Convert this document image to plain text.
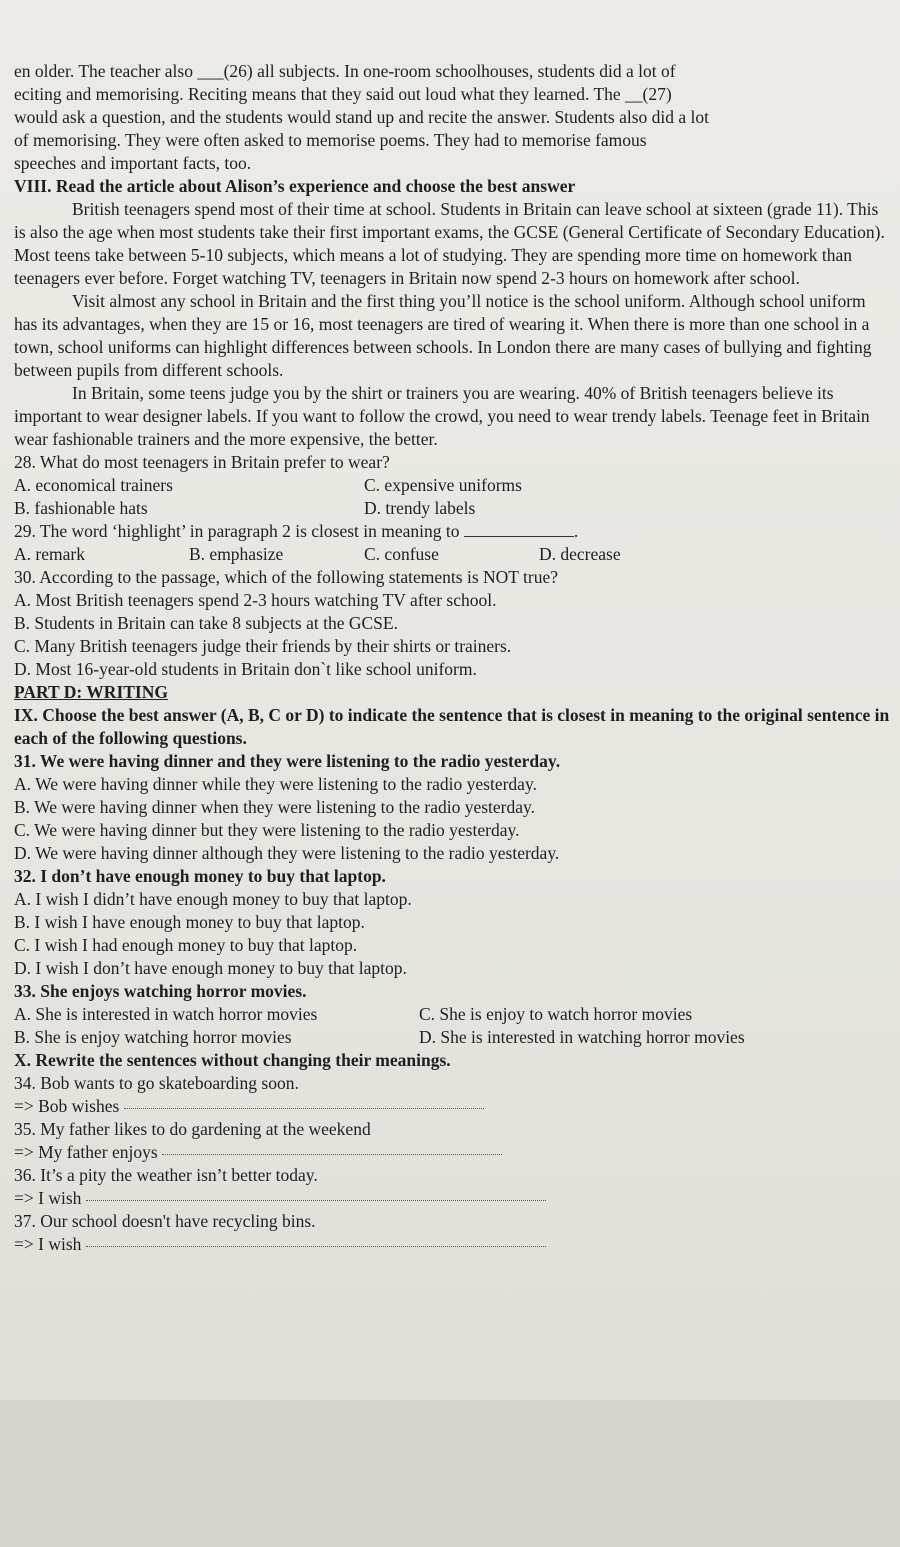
en older. The teacher also ___(26) all subjects. In one-room schoolhouses, students did a lot of
eciting and memorising. Reciting means that they said out loud what they learned. The __(27)
would ask a question, and the students would stand up and recite the answer. Students also did a lot
of memorising. They were often asked to memorise poems. They had to memorise famous
speeches and important facts, too.

VIII. Read the article about Alison’s experience and choose the best answer

British teenagers spend most of their time at school. Students in Britain can leave school at sixteen (grade 11). This is also the age when most students take their first important exams, the GCSE (General Certificate of Secondary Education). Most teens take between 5-10 subjects, which means a lot of studying. They are spending more time on homework than teenagers ever before. Forget watching TV, teenagers in Britain now spend 2-3 hours on homework after school.

Visit almost any school in Britain and the first thing you’ll notice is the school uniform. Although school uniform has its advantages, when they are 15 or 16, most teenagers are tired of wearing it. When there is more than one school in a town, school uniforms can highlight differences between schools. In London there are many cases of bullying and fighting between pupils from different schools.

In Britain, some teens judge you by the shirt or trainers you are wearing. 40% of British teenagers believe its important to wear designer labels. If you want to follow the crowd, you need to wear trendy labels. Teenage feet in Britain wear fashionable trainers and the more expensive, the better.

28. What do most teenagers in Britain prefer to wear?
A. economical trainers	C. expensive uniforms
B. fashionable hats	D. trendy labels
29. The word ‘highlight’ in paragraph 2 is closest in meaning to	.
A. remark	B. emphasize	C. confuse	D. decrease
30. According to the passage, which of the following statements is NOT true?
A. Most British teenagers spend 2-3 hours watching TV after school.
B. Students in Britain can take 8 subjects at the GCSE.
C. Many British teenagers judge their friends by their shirts or trainers.
D. Most 16-year-old students in Britain don`t like school uniform.
PART D: WRITING

IX. Choose the best answer (A, B, C or D) to indicate the sentence that is closest in meaning to the original sentence in each of the following questions.

31. We were having dinner and they were listening to the radio yesterday.
A. We were having dinner while they were listening to the radio yesterday.
B. We were having dinner when they were listening to the radio yesterday.
C. We were having dinner but they were listening to the radio yesterday.
D. We were having dinner although they were listening to the radio yesterday.
32. I don’t have enough money to buy that laptop.
A. I wish I didn’t have enough money to buy that laptop.
B. I wish I have enough money to buy that laptop.
C. I wish I had enough money to buy that laptop.
D. I wish I don’t have enough money to buy that laptop.
33. She enjoys watching horror movies.
A. She is interested in watch horror movies	C. She is enjoy to watch horror movies
B. She is enjoy watching horror movies	D. She is interested in watching horror movies
X. Rewrite the sentences without changing their meanings.
34. Bob wants to go skateboarding soon.
=> Bob wishes
35. My father likes to do gardening at the weekend
=> My father enjoys
36. It’s a pity the weather isn’t better today.
=> I wish
37. Our school doesn't have recycling bins.
=> I wish
